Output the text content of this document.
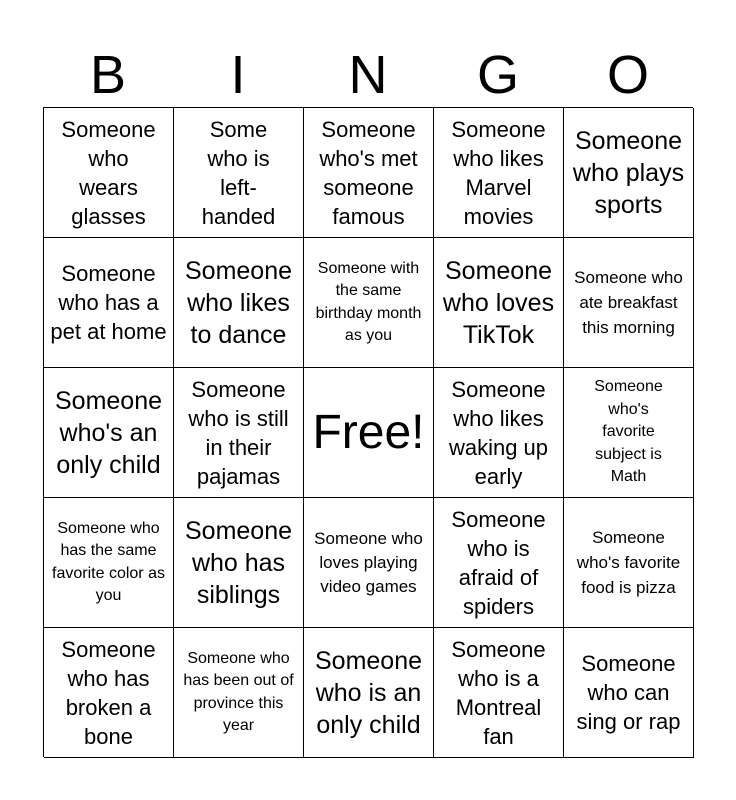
B	I	N	G	O
Someone who wears glasses
Some who is left-handed
Someone who's met someone famous
Someone who likes Marvel movies
Someone who plays sports
Someone who has a pet at home
Someone who likes to dance
Someone with the same birthday month as you
Someone who loves TikTok
Someone who ate breakfast this morning
Someone who's an only child
Someone who is still in their pajamas
Free!
Someone who likes waking up early
Someone who's favorite subject is Math
Someone who has the same favorite color as you
Someone who has siblings
Someone who loves playing video games
Someone who is afraid of spiders
Someone who's favorite food is pizza
Someone who has broken a bone
Someone who has been out of province this year
Someone who is an only child
Someone who is a Montreal fan
Someone who can sing or rap
